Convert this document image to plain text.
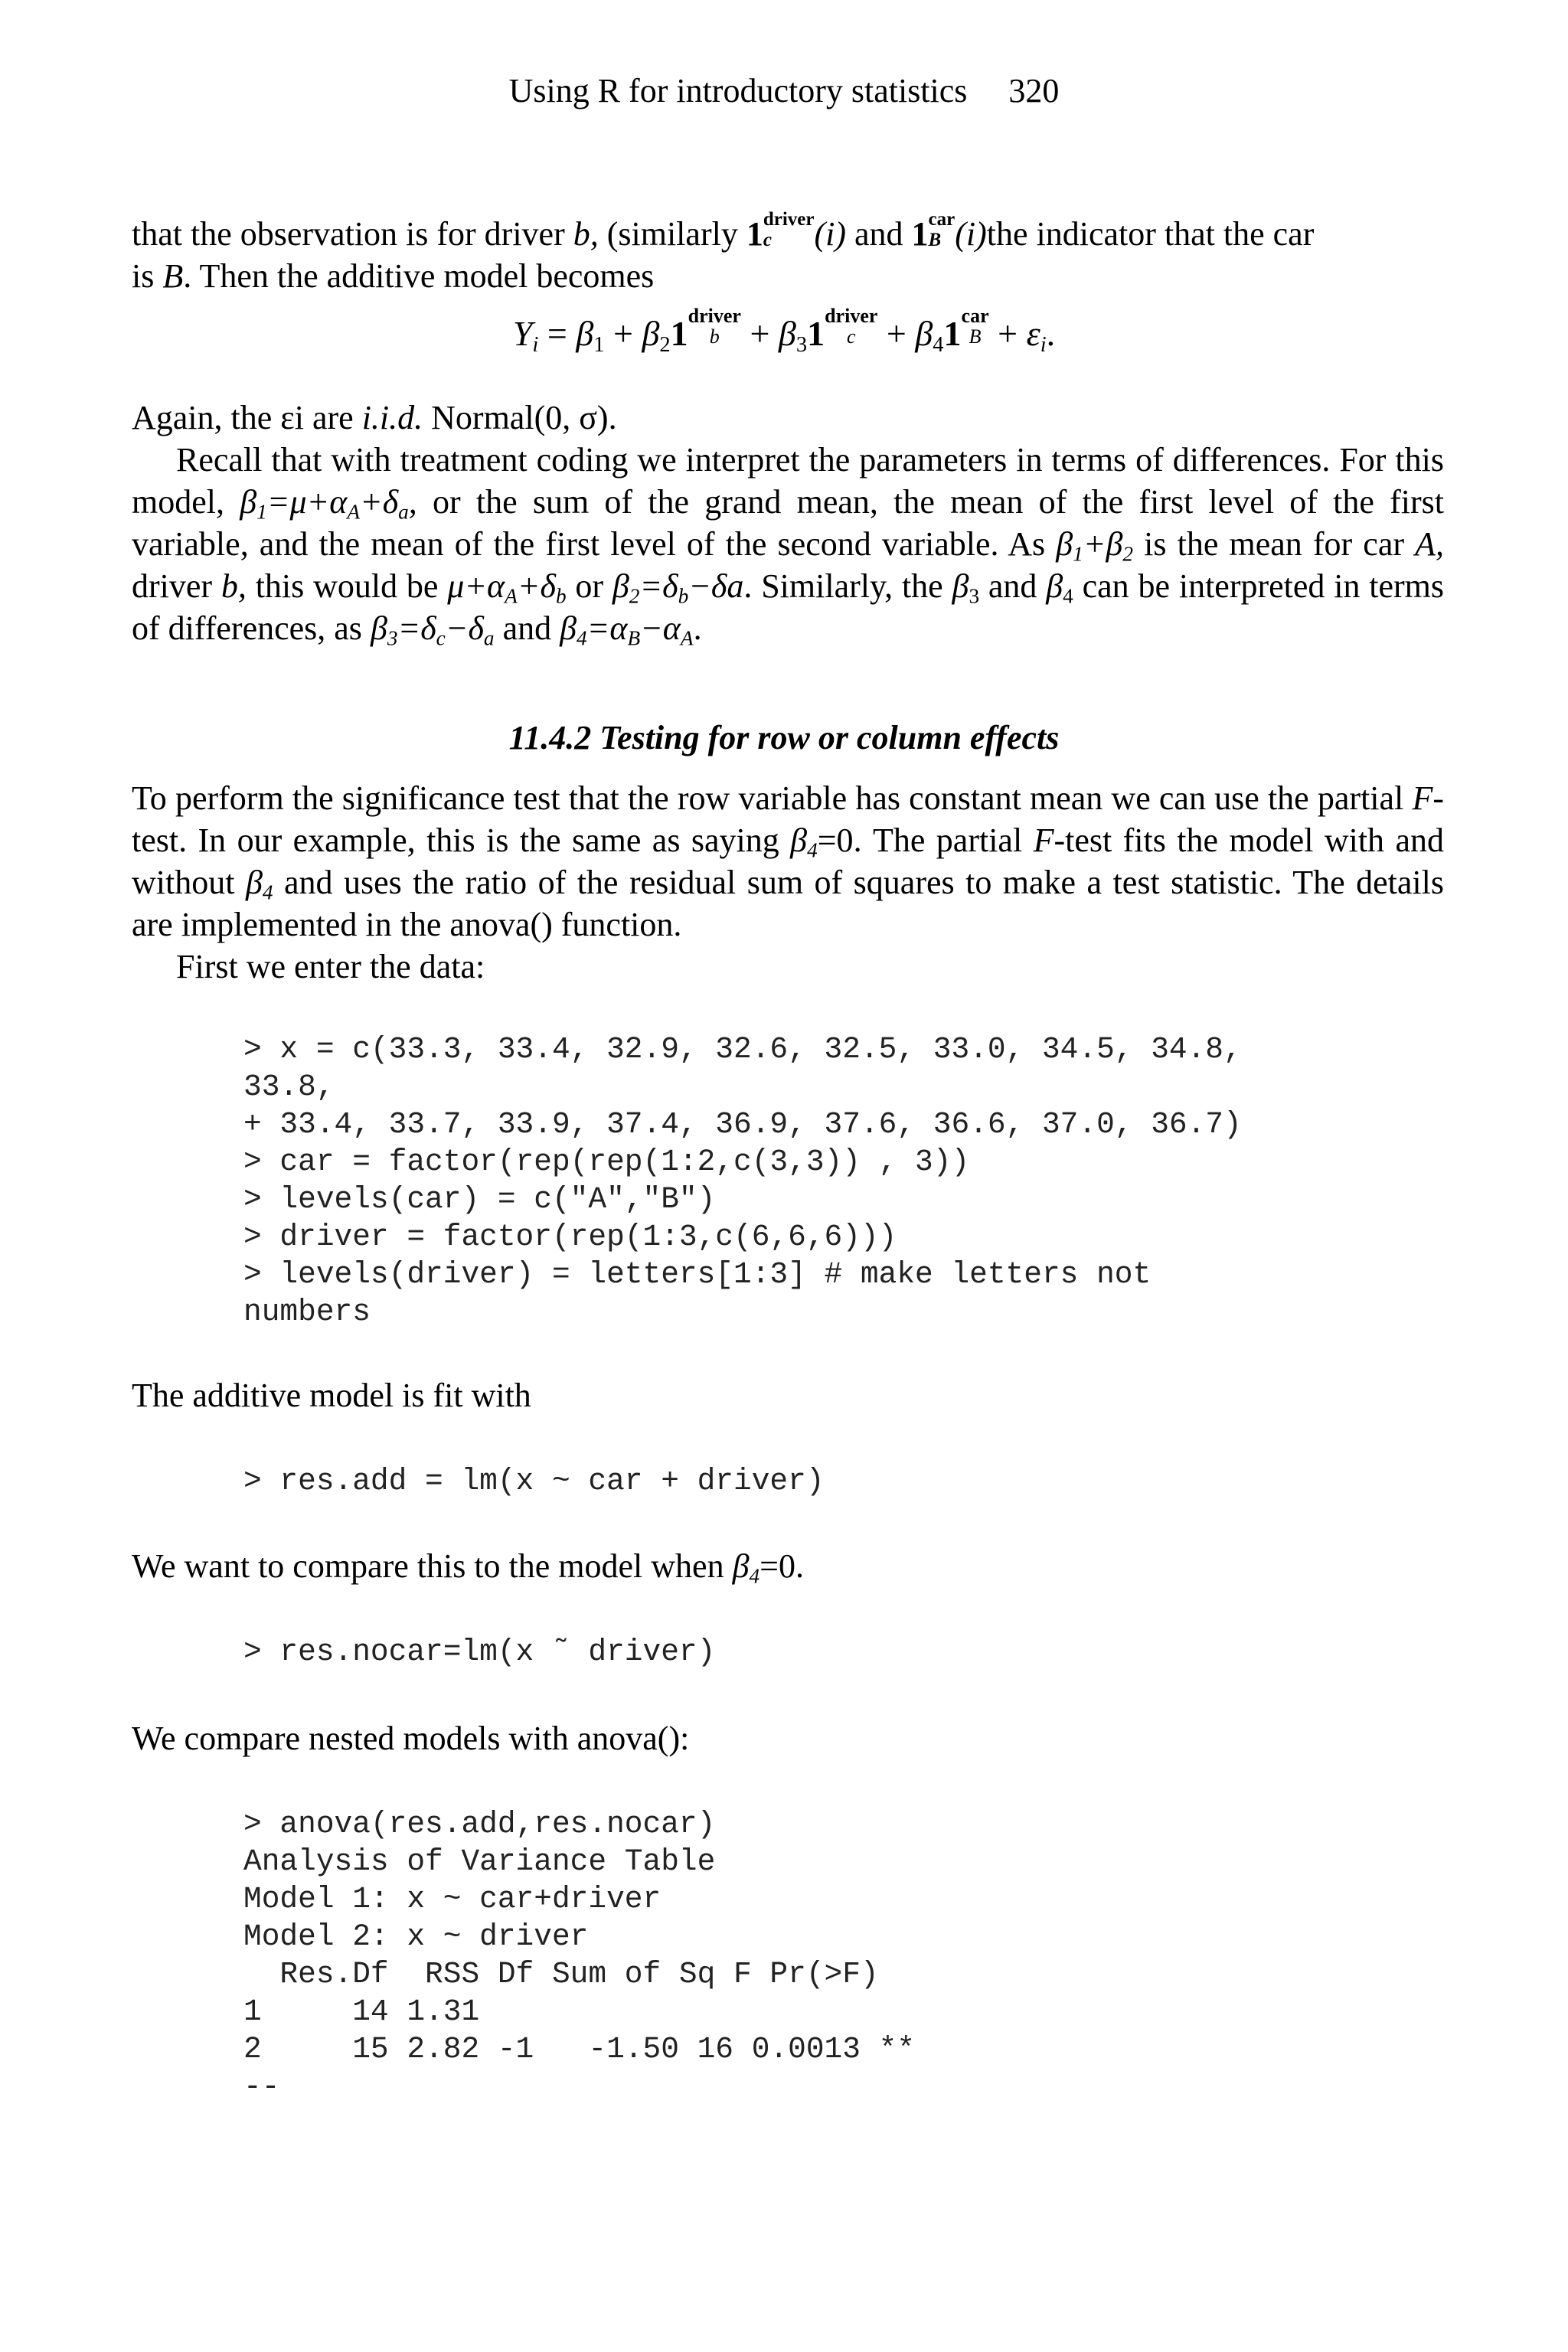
Using R for introductory statistics 320
that the observation is for driver b, (similarly 1 driver
c	(i) and 1 car
B (i)the indicator that the car
is B. Then the additive model becomes
$Y_i = \beta_1 + \beta_21$ driver
$b + \beta_31$ driver
$c + \beta_41$ car
$B + \varepsilon_i$.
Again, the εi are i.i.d. Normal(0, σ).
Recall that with treatment coding we interpret the parameters in terms of differences. For this model, $\beta_1=\mu+\alpha_A+\delta_a$, or the sum of the grand mean, the mean of the first level of the first variable, and the mean of the first level of the second variable. As $\beta_1+\beta_2$ is the mean for car A, driver b, this would be $\mu+\alpha_A+\delta_b$ or $\beta_2=\delta_b-\delta a$. Similarly, the $\beta_3$ and $\beta_4$ can be interpreted in terms of differences, as $\beta_3=\delta_c-\delta_a$ and $\beta_4=\alpha_B-\alpha_A$.
11.4.2 Testing for row or column effects
To perform the significance test that the row variable has constant mean we can use the partial F-test. In our example, this is the same as saying $\beta_4=0$. The partial F-test fits the model with and without $\beta_4$ and uses the ratio of the residual sum of squares to make a test statistic. The details are implemented in the anova() function.
First we enter the data:
> x = c(33.3, 33.4, 32.9, 32.6, 32.5, 33.0, 34.5, 34.8,
33.8,
+ 33.4, 33.7, 33.9, 37.4, 36.9, 37.6, 36.6, 37.0, 36.7)
> car = factor(rep(rep(1:2,c(3,3)) , 3))
> levels(car) = c("A","B")
> driver = factor(rep(1:3,c(6,6,6)))
> levels(driver) = letters[1:3] # make letters not
numbers
The additive model is fit with
> res.add = lm(x ~ car + driver)
We want to compare this to the model when $\beta_4=0$.
> res.nocar=lm(x ˜ driver)
We compare nested models with anova():
> anova(res.add,res.nocar)
Analysis of Variance Table
Model 1: x ~ car+driver
Model 2: x ~ driver
Res.Df  RSS Df Sum of Sq F Pr(>F)
1     14 1.31
2     15 2.82 -1   -1.50 16 0.0013 **
--
